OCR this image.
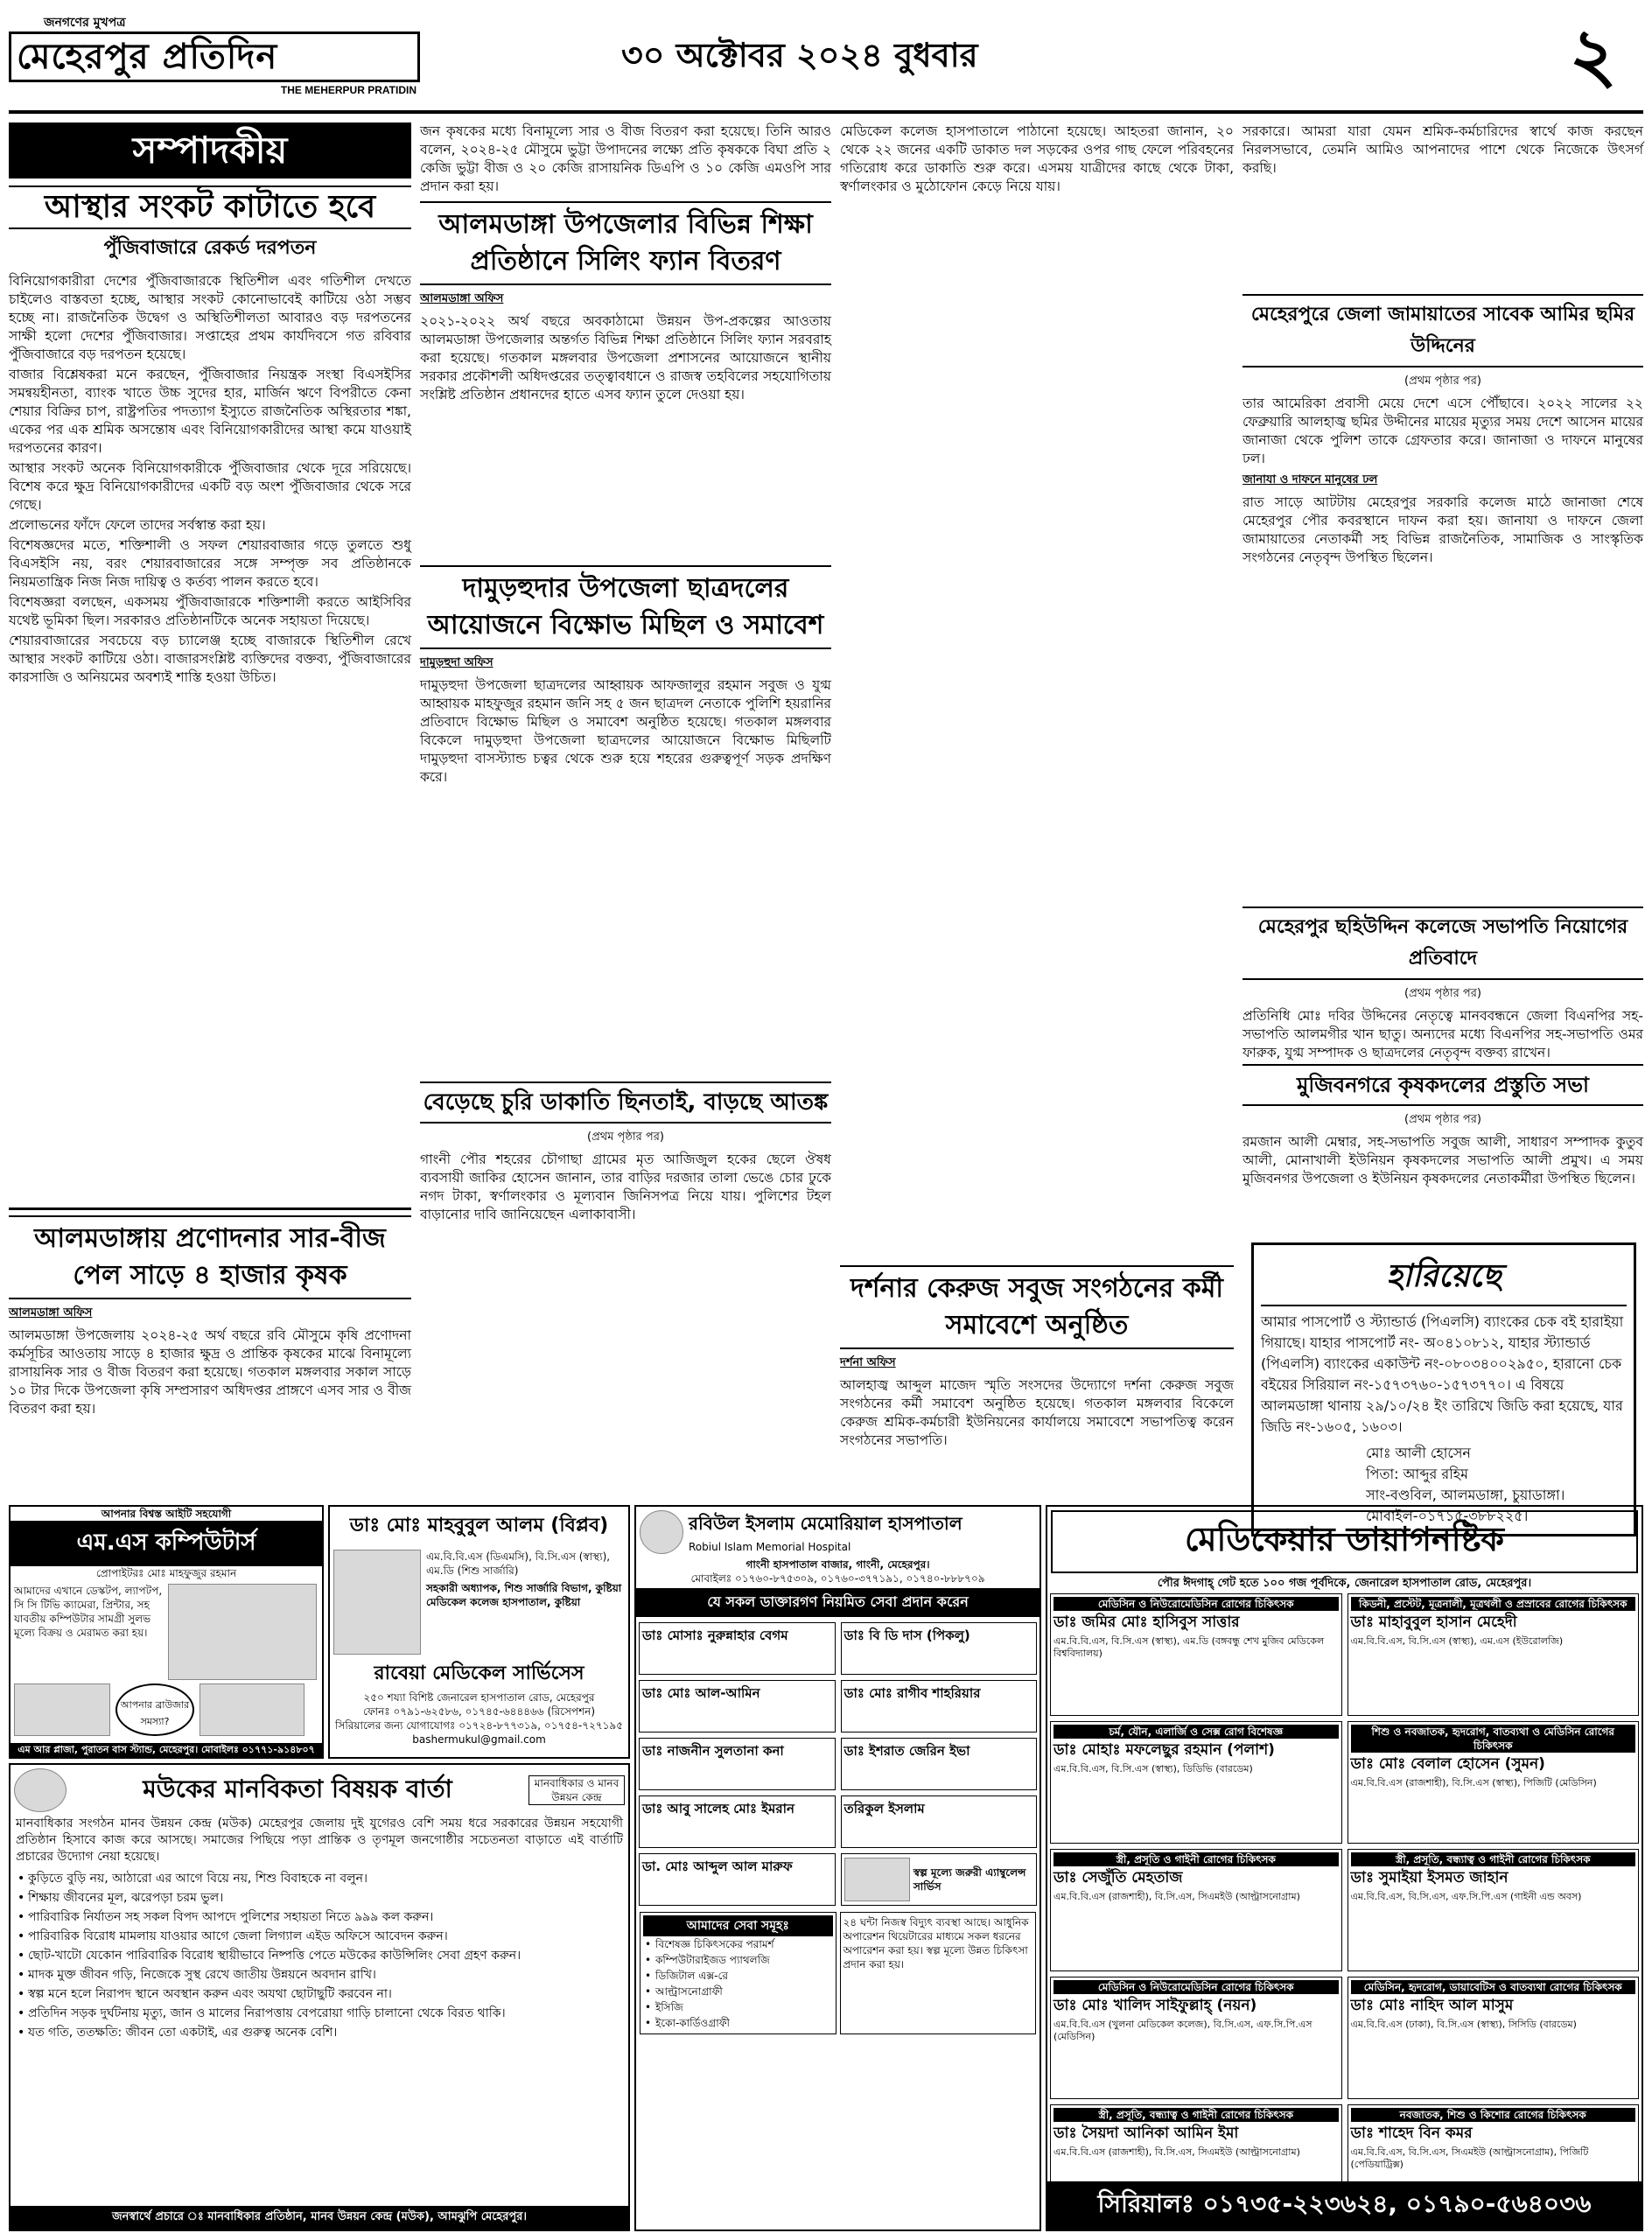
জনগণের মুখপত্র
মেহেরপুর প্রতিদিন
THE MEHERPUR PRATIDIN
৩০ অক্টোবর ২০২৪ বুধবার	২
সম্পাদকীয়
আস্থার সংকট কাটাতে হবে
পুঁজিবাজারে রেকর্ড দরপতন

বিনিয়োগকারীরা দেশের পুঁজিবাজারকে স্থিতিশীল এবং গতিশীল দেখতে চাইলেও বাস্তবতা হচ্ছে, আস্থার সংকট কোনোভাবেই কাটিয়ে ওঠা সম্ভব হচ্ছে না। রাজনৈতিক উদ্বেগ ও অস্থিতিশীলতা আবারও বড় দরপতনের সাক্ষী হলো দেশের পুঁজিবাজার। সপ্তাহের প্রথম কার্যদিবসে গত রবিবার পুঁজিবাজারে বড় দরপতন হয়েছে।

বাজার বিশ্লেষকরা মনে করছেন, পুঁজিবাজার নিয়ন্ত্রক সংস্থা বিএসইসির সমন্বয়হীনতা, ব্যাংক খাতে উচ্চ সুদের হার, মার্জিন ঋণে বিপরীতে কেনা শেয়ার বিক্রির চাপ, রাষ্ট্রপতির পদত্যাগ ইস্যুতে রাজনৈতিক অস্থিরতার শঙ্কা, একের পর এক শ্রমিক অসন্তোষ এবং বিনিয়োগকারীদের আস্থা কমে যাওয়াই দরপতনের কারণ।

আস্থার সংকট অনেক বিনিয়োগকারীকে পুঁজিবাজার থেকে দূরে সরিয়েছে। বিশেষ করে ক্ষুদ্র বিনিয়োগকারীদের একটি বড় অংশ পুঁজিবাজার থেকে সরে গেছে।

প্রলোভনের ফাঁদে ফেলে তাদের সর্বস্বান্ত করা হয়।

বিশেষজ্ঞদের মতে, শক্তিশালী ও সফল শেয়ারবাজার গড়ে তুলতে শুধু বিএসইসি নয়, বরং শেয়ারবাজারের সঙ্গে সম্পৃক্ত সব প্রতিষ্ঠানকে নিয়মতান্ত্রিক নিজ নিজ দায়িত্ব ও কর্তব্য পালন করতে হবে।

বিশেষজ্ঞরা বলছেন, একসময় পুঁজিবাজারকে শক্তিশালী করতে আইসিবির যথেষ্ট ভূমিকা ছিল। সরকারও প্রতিষ্ঠানটিকে অনেক সহায়তা দিয়েছে।

শেয়ারবাজারের সবচেয়ে বড় চ্যালেঞ্জ হচ্ছে বাজারকে স্থিতিশীল রেখে আস্থার সংকট কাটিয়ে ওঠা। বাজারসংশ্লিষ্ট ব্যক্তিদের বক্তব্য, পুঁজিবাজারের কারসাজি ও অনিয়মের অবশ্যই শাস্তি হওয়া উচিত।

আলমডাঙ্গায় প্রণোদনার সার-বীজ পেল সাড়ে ৪ হাজার কৃষক
আলমডাঙ্গা অফিস

আলমডাঙ্গা উপজেলায় ২০২৪-২৫ অর্থ বছরে রবি মৌসুমে কৃষি প্রণোদনা কর্মসূচির আওতায় সাড়ে ৪ হাজার ক্ষুদ্র ও প্রান্তিক কৃষকের মাঝে বিনামূল্যে রাসায়নিক সার ও বীজ বিতরণ করা হয়েছে। গতকাল মঙ্গলবার সকাল সাড়ে ১০ টার দিকে উপজেলা কৃষি সম্প্রসারণ অধিদপ্তর প্রাঙ্গণে এসব সার ও বীজ বিতরণ করা হয়।

জন কৃষকের মধ্যে বিনামূল্যে সার ও বীজ বিতরণ করা হয়েছে। তিনি আরও বলেন, ২০২৪-২৫ মৌসুমে ভুট্টা উপাদনের লক্ষ্যে প্রতি কৃষককে বিঘা প্রতি ২ কেজি ভুট্টা বীজ ও ২০ কেজি রাসায়নিক ডিএপি ও ১০ কেজি এমওপি সার প্রদান করা হয়।

আলমডাঙ্গা উপজেলার বিভিন্ন শিক্ষা প্রতিষ্ঠানে সিলিং ফ্যান বিতরণ
আলমডাঙ্গা অফিস

২০২১-২০২২ অর্থ বছরে অবকাঠামো উন্নয়ন উপ-প্রকল্পের আওতায় আলমডাঙ্গা উপজেলার অন্তর্গত বিভিন্ন শিক্ষা প্রতিষ্ঠানে সিলিং ফ্যান সরবরাহ করা হয়েছে। গতকাল মঙ্গলবার উপজেলা প্রশাসনের আয়োজনে স্থানীয় সরকার প্রকৌশলী অধিদপ্তরের তত্ত্বাবধানে ও রাজস্ব তহবিলের সহযোগিতায় সংশ্লিষ্ট প্রতিষ্ঠান প্রধানদের হাতে এসব ফ্যান তুলে দেওয়া হয়।

দামুড়হুদার উপজেলা ছাত্রদলের আয়োজনে বিক্ষোভ মিছিল ও সমাবেশ
দামুড়হুদা অফিস

দামুড়হুদা উপজেলা ছাত্রদলের আহ্বায়ক আফজালুর রহমান সবুজ ও যুগ্ম আহ্বায়ক মাহফুজুর রহমান জনি সহ ৫ জন ছাত্রদল নেতাকে পুলিশি হয়রানির প্রতিবাদে বিক্ষোভ মিছিল ও সমাবেশ অনুষ্ঠিত হয়েছে। গতকাল মঙ্গলবার বিকেলে দামুড়হুদা উপজেলা ছাত্রদলের আয়োজনে বিক্ষোভ মিছিলটি দামুড়হুদা বাসস্ট্যান্ড চত্বর থেকে শুরু হয়ে শহরের গুরুত্বপূর্ণ সড়ক প্রদক্ষিণ করে।

বেড়েছে চুরি ডাকাতি ছিনতাই, বাড়ছে আতঙ্ক
(প্রথম পৃষ্ঠার পর)

গাংনী পৌর শহরের চৌগাছা গ্রামের মৃত আজিজুল হকের ছেলে ঔষধ ব্যবসায়ী জাকির হোসেন জানান, তার বাড়ির দরজার তালা ভেঙে চোর ঢুকে নগদ টাকা, স্বর্ণালংকার ও মূল্যবান জিনিসপত্র নিয়ে যায়। পুলিশের টহল বাড়ানোর দাবি জানিয়েছেন এলাকাবাসী।

মেডিকেল কলেজ হাসপাতালে পাঠানো হয়েছে। আহতরা জানান, ২০ থেকে ২২ জনের একটি ডাকাত দল সড়কের ওপর গাছ ফেলে পরিবহনের গতিরোধ করে ডাকাতি শুরু করে। এসময় যাত্রীদের কাছে থেকে টাকা, স্বর্ণালংকার ও মুঠোফোন কেড়ে নিয়ে যায়।

দর্শনার কেরুজ সবুজ সংগঠনের কর্মী সমাবেশে অনুষ্ঠিত
দর্শনা অফিস

আলহাজ্ব আব্দুল মাজেদ স্মৃতি সংসদের উদ্যোগে দর্শনা কেরুজ সবুজ সংগঠনের কর্মী সমাবেশ অনুষ্ঠিত হয়েছে। গতকাল মঙ্গলবার বিকেলে কেরুজ শ্রমিক-কর্মচারী ইউনিয়নের কার্যালয়ে সমাবেশে সভাপতিত্ব করেন সংগঠনের সভাপতি।

সরকারে। আমরা যারা যেমন শ্রমিক-কর্মচারিদের স্বার্থে কাজ করছেন নিরলসভাবে, তেমনি আমিও আপনাদের পাশে থেকে নিজেকে উৎসর্গ করছি।

মেহেরপুরে জেলা জামায়াতের সাবেক আমির ছমির উদ্দিনের
(প্রথম পৃষ্ঠার পর)

তার আমেরিকা প্রবাসী মেয়ে দেশে এসে পৌঁছাবে। ২০২২ সালের ২২ ফেব্রুয়ারি আলহাজ্ব ছমির উদ্দীনের মায়ের মৃত্যুর সময় দেশে আসেন মায়ের জানাজা থেকে পুলিশ তাকে গ্রেফতার করে। জানাজা ও দাফনে মানুষের ঢল।

জানাযা ও দাফনে মানুষের ঢল

রাত সাড়ে আটটায় মেহেরপুর সরকারি কলেজ মাঠে জানাজা শেষে মেহেরপুর পৌর কবরস্থানে দাফন করা হয়। জানাযা ও দাফনে জেলা জামায়াতের নেতাকর্মী সহ বিভিন্ন রাজনৈতিক, সামাজিক ও সাংস্কৃতিক সংগঠনের নেতৃবৃন্দ উপস্থিত ছিলেন।

মেহেরপুর ছহিউদ্দিন কলেজে সভাপতি নিয়োগের প্রতিবাদে
(প্রথম পৃষ্ঠার পর)

প্রতিনিধি মোঃ দবির উদ্দিনের নেতৃত্বে মানববন্ধনে জেলা বিএনপির সহ-সভাপতি আলমগীর খান ছাতু। অন্যদের মধ্যে বিএনপির সহ-সভাপতি ওমর ফারুক, যুগ্ম সম্পাদক ও ছাত্রদলের নেতৃবৃন্দ বক্তব্য রাখেন।

মুজিবনগরে কৃষকদলের প্রস্তুতি সভা
(প্রথম পৃষ্ঠার পর)

রমজান আলী মেম্বার, সহ-সভাপতি সবুজ আলী, সাধারণ সম্পাদক কুতুব আলী, মোনাখালী ইউনিয়ন কৃষকদলের সভাপতি আলী প্রমুখ। এ সময় মুজিবনগর উপজেলা ও ইউনিয়ন কৃষকদলের নেতাকর্মীরা উপস্থিত ছিলেন।

হারিয়েছে
আমার পাসপোর্ট ও স্ট্যান্ডার্ড (পিএলসি) ব্যাংকের চেক বই হারাইয়া গিয়াছে। যাহার পাসপোর্ট নং- অ০৪১০৮১২, যাহার স্ট্যান্ডার্ড (পিএলসি) ব্যাংকের একাউন্ট নং-০৮০৩৪০০২৯৫০, হারানো চেক বইয়ের সিরিয়াল নং-১৫৭৩৭৬০-১৫৭৩৭৭০। এ বিষয়ে আলমডাঙ্গা থানায় ২৯/১০/২৪ ইং তারিখে জিডি করা হয়েছে, যার জিডি নং-১৬০৫, ১৬০৩।
মোঃ আলী হোসেন
পিতা: আব্দুর রহিম
সাং-বণ্ডবিল, আলমডাঙ্গা, চুয়াডাঙ্গা।
মোবাইল-০১৭১৫-৩৮৮২২৫।
আপনার বিশ্বস্ত আইটি সহযোগী
এম.এস কম্পিউটার্স
প্রোপাইটরঃ মোঃ মাহফুজুর রহমান
আমাদের এখানে ডেস্কটপ, ল্যাপটপ, সি সি টিভি ক্যামেরা, প্রিন্টার, সহ যাবতীয় কম্পিউটার সামগ্রী সুলভ মূল্যে বিক্রয় ও মেরামত করা হয়।
আপনার ব্রাউজার সমস্যা?
এম আর প্লাজা, পুরাতন বাস স্ট্যান্ড, মেহেরপুর। মোবাইলঃ ০১৭৭১-৯১৪৮০৭
ডাঃ মোঃ মাহবুবুল আলম (বিপ্লব)
এম.বি.বি.এস (ডিএমসি), বি.সি.এস (স্বাস্থ্য), এম.ডি (শিশু সার্জারি)
সহকারী অধ্যাপক, শিশু সার্জারি বিভাগ, কুষ্টিয়া মেডিকেল কলেজ হাসপাতাল, কুষ্টিয়া
রাবেয়া মেডিকেল সার্ভিসেস
২৫০ শয্যা বিশিষ্ট জেনারেল হাসপাতাল রোড, মেহেরপুর
ফোনঃ ০৭৯১-৬২৫৮৬, ০১৭৪৫-৬৪৪৪৬৬ (রিসেপশন)
সিরিয়ালের জন্য যোগাযোগঃ ০১৭২৪-৮৭৭৩১৯, ০১৭৫৪-৭২৭১৯৫
bashermukul@gmail.com
মউকের মানবিকতা বিষয়ক বার্তা	মানবাধিকার ও মানব উন্নয়ন কেন্দ্র
মানবাধিকার সংগঠন মানব উন্নয়ন কেন্দ্র (মউক) মেহেরপুর জেলায় দুই যুগেরও বেশি সময় ধরে সরকারের উন্নয়ন সহযোগী প্রতিষ্ঠান হিসাবে কাজ করে আসছে। সমাজের পিছিয়ে পড়া প্রান্তিক ও তৃণমূল জনগোষ্ঠীর সচেতনতা বাড়াতে এই বার্তাটি প্রচারের উদ্যোগ নেয়া হয়েছে।
• কুড়িতে বুড়ি নয়, আঠারো এর আগে বিয়ে নয়, শিশু বিবাহকে না বলুন।
• শিক্ষায় জীবনের মূল, ঝরেপড়া চরম ভুল।
• পারিবারিক নির্যাতন সহ সকল বিপদ আপদে পুলিশের সহায়তা নিতে ৯৯৯ কল করুন।
• পারিবারিক বিরোধ মামলায় যাওয়ার আগে জেলা লিগ্যাল এইড অফিসে আবেদন করুন।
• ছোট-খাটো যেকোন পারিবারিক বিরোধ স্থায়ীভাবে নিষ্পত্তি পেতে মউকের কাউন্সিলিং সেবা গ্রহণ করুন।
• মাদক মুক্ত জীবন গড়ি, নিজেকে সুস্থ রেখে জাতীয় উন্নয়নে অবদান রাখি।
• স্বল্প মনে হলে নিরাপদ স্থানে অবস্থান করুন এবং অযথা ছোটাছুটি করবেন না।
• প্রতিদিন সড়ক দুর্ঘটনায় মৃত্যু, জান ও মালের নিরাপত্তায় বেপরোয়া গাড়ি চালানো থেকে বিরত থাকি।
• যত গতি, ততক্ষতি: জীবন তো একটাই, এর গুরুত্ব অনেক বেশি।
জনস্বার্থে প্রচারে ঃ মানবাধিকার প্রতিষ্ঠান, মানব উন্নয়ন কেন্দ্র (মউক), আমঝুপি মেহেরপুর।
রবিউল ইসলাম মেমোরিয়াল হাসপাতাল
Robiul Islam Memorial Hospital
গাংনী হাসপাতাল বাজার, গাংনী, মেহেরপুর।
মোবাইলঃ ০১৭৬০-৮৭৫৩০৯, ০১৭৬০-৩৭৭১৯১, ০১৭৪০-৮৮৮৭০৯
যে সকল ডাক্তারগণ নিয়মিত সেবা প্রদান করেন
ডাঃ মোসাঃ নুরুন্নাহার বেগম	ডাঃ বি ডি দাস (পিকলু)
ডাঃ মোঃ আল-আমিন	ডাঃ মোঃ রাগীব শাহরিয়ার
ডাঃ নাজনীন সুলতানা কনা	ডাঃ ইশরাত জেরিন ইভা
ডাঃ আবু সালেহ মোঃ ইমরান	তরিকুল ইসলাম
ডা. মোঃ আব্দুল আল মারুফ	স্বল্প মূল্যে জরুরী এ্যাম্বুলেন্স সার্ভিস
আমাদের সেবা সমূহঃ
• বিশেষজ্ঞ চিকিৎসকের পরামর্শ
• কম্পিউটারাইজড প্যাথলজি
• ডিজিটাল এক্স-রে
• আল্ট্রাসনোগ্রাফী
• ইসিজি
• ইকো-কার্ডিওগ্রাফী
২৪ ঘন্টা নিজস্ব বিদ্যুৎ ব্যবস্থা আছে। আধুনিক অপারেশন থিয়েটারের মাধ্যমে সকল ধরনের অপারেশন করা হয়। স্বল্প মূল্যে উন্নত চিকিৎসা প্রদান করা হয়।
মেডিকেয়ার ডায়াগনষ্টিক
পৌর ঈদগাহ্ গেট হতে ১০০ গজ পূর্বদিকে, জেনারেল হাসপাতাল রোড, মেহেরপুর।
মেডিসিন ও নিউরোমেডিসিন রোগের চিকিৎসক
ডাঃ জমির মোঃ হাসিবুস সাত্তার
এম.বি.বি.এস, বি.সি.এস (স্বাস্থ্য), এম.ডি (বঙ্গবন্ধু শেখ মুজিব মেডিকেল বিশ্ববিদ্যালয়)
কিডনী, প্রস্টেট, মূত্রনালী, মূত্রথলী ও প্রস্রাবের রোগের চিকিৎসক
ডাঃ মাহাবুবুল হাসান মেহেদী
এম.বি.বি.এস, বি.সি.এস (স্বাস্থ্য), এম.এস (ইউরোলজি)
চর্ম, যৌন, এলার্জি ও সেক্স রোগ বিশেষজ্ঞ
ডাঃ মোহাঃ মফলেছুর রহমান (পলাশ)
এম.বি.বি.এস, বি.সি.এস (স্বাস্থ্য), ডিডিভি (বারডেম)
শিশু ও নবজাতক, হৃদরোগ, বাতব্যথা ও মেডিসিন রোগের চিকিৎসক
ডাঃ মোঃ বেলাল হোসেন (সুমন)
এম.বি.বি.এস (রাজশাহী), বি.সি.এস (স্বাস্থ্য), পিজিটি (মেডিসিন)
স্ত্রী, প্রসূতি ও গাইনী রোগের চিকিৎসক
ডাঃ সেজুঁতি মেহতাজ
এম.বি.বি.এস (রাজশাহী), বি.সি.এস, সিএমইউ (আল্ট্রাসনোগ্রাম)
স্ত্রী, প্রসূতি, বন্ধ্যাত্ব ও গাইনী রোগের চিকিৎসক
ডাঃ সুমাইয়া ইসমত জাহান
এম.বি.বি.এস, বি.সি.এস, এফ.সি.পি.এস (গাইনী এন্ড অবস)
মেডিসিন ও নিউরোমেডিসিন রোগের চিকিৎসক
ডাঃ মোঃ খালিদ সাইফুল্লাহ্ (নয়ন)
এম.বি.বি.এস (খুলনা মেডিকেল কলেজ), বি.সি.এস, এফ.সি.পি.এস (মেডিসিন)
মেডিসিন, হৃদরোগ, ডায়াবেটিস ও বাতব্যথা রোগের চিকিৎসক
ডাঃ মোঃ নাহিদ আল মাসুম
এম.বি.বি.এস (ঢাকা), বি.সি.এস (স্বাস্থ্য), সিসিডি (বারডেম)
স্ত্রী, প্রসূতি, বন্ধ্যাত্ব ও গাইনী রোগের চিকিৎসক
ডাঃ সৈয়দা আনিকা আমিন ইমা
এম.বি.বি.এস (রাজশাহী), বি.সি.এস, সিএমইউ (আল্ট্রাসনোগ্রাম)
নবজাতক, শিশু ও কিশোর রোগের চিকিৎসক
ডাঃ শাহেদ বিন কমর
এম.বি.বি.এস, বি.সি.এস, সিএমইউ (আল্ট্রাসনোগ্রাম), পিজিটি (পেডিয়াট্রিক্স)
সিরিয়ালঃ ০১৭৩৫-২২৩৬২৪, ০১৭৯০-৫৬৪০৩৬
